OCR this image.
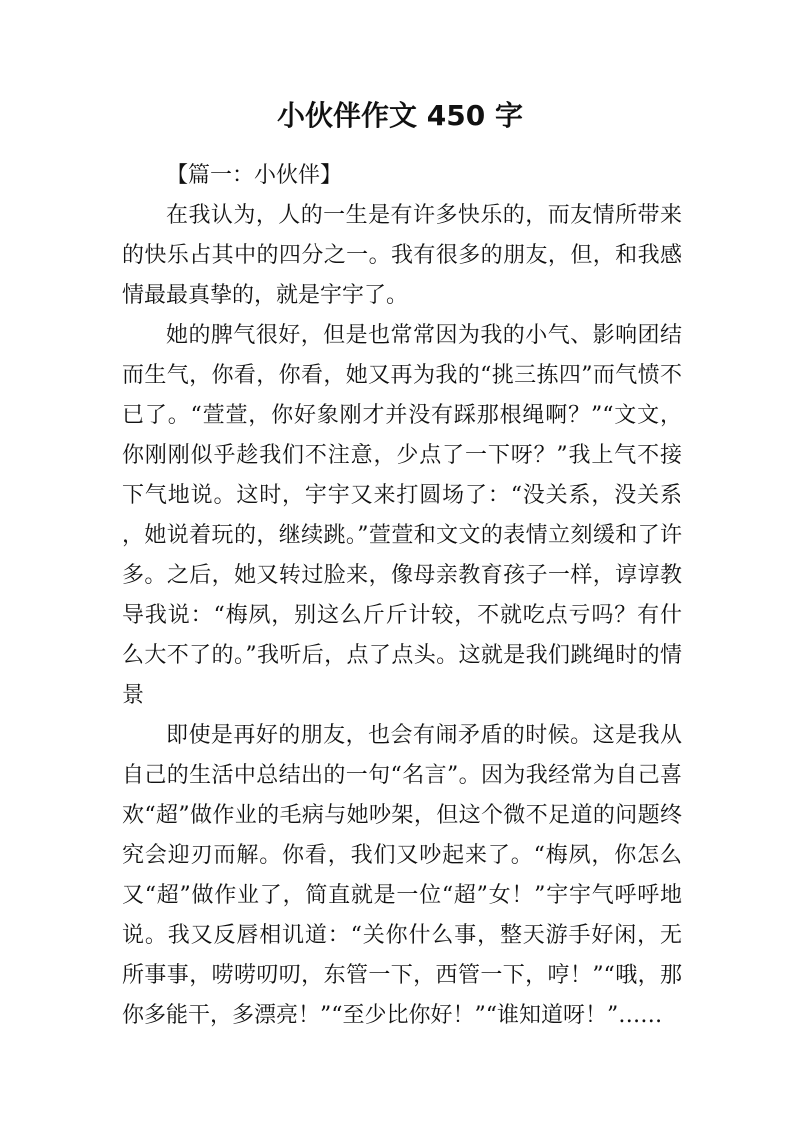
小伙伴作文 450 字

【篇一：小伙伴】

在我认为，人的一生是有许多快乐的，而友情所带来的快乐占其中的四分之一。我有很多的朋友，但，和我感情最最真挚的，就是宇宇了。

她的脾气很好，但是也常常因为我的小气、影响团结而生气，你看，你看，她又再为我的“挑三拣四”而气愤不已了。“萱萱，你好象刚才并没有踩那根绳啊？”“文文，你刚刚似乎趁我们不注意，少点了一下呀？”我上气不接下气地说。这时，宇宇又来打圆场了：“没关系，没关系，她说着玩的，继续跳。”萱萱和文文的表情立刻缓和了许多。之后，她又转过脸来，像母亲教育孩子一样，谆谆教导我说：“梅夙，别这么斤斤计较，不就吃点亏吗？有什么大不了的。”我听后，点了点头。这就是我们跳绳时的情景

即使是再好的朋友，也会有闹矛盾的时候。这是我从自己的生活中总结出的一句“名言”。因为我经常为自己喜欢“超”做作业的毛病与她吵架，但这个微不足道的问题终究会迎刃而解。你看，我们又吵起来了。“梅夙，你怎么又“超”做作业了，简直就是一位“超”女！”宇宇气呼呼地说。我又反唇相讥道：“关你什么事，整天游手好闲，无所事事，唠唠叨叨，东管一下，西管一下，哼！”“哦，那你多能干，多漂亮！”“至少比你好！”“谁知道呀！”……
